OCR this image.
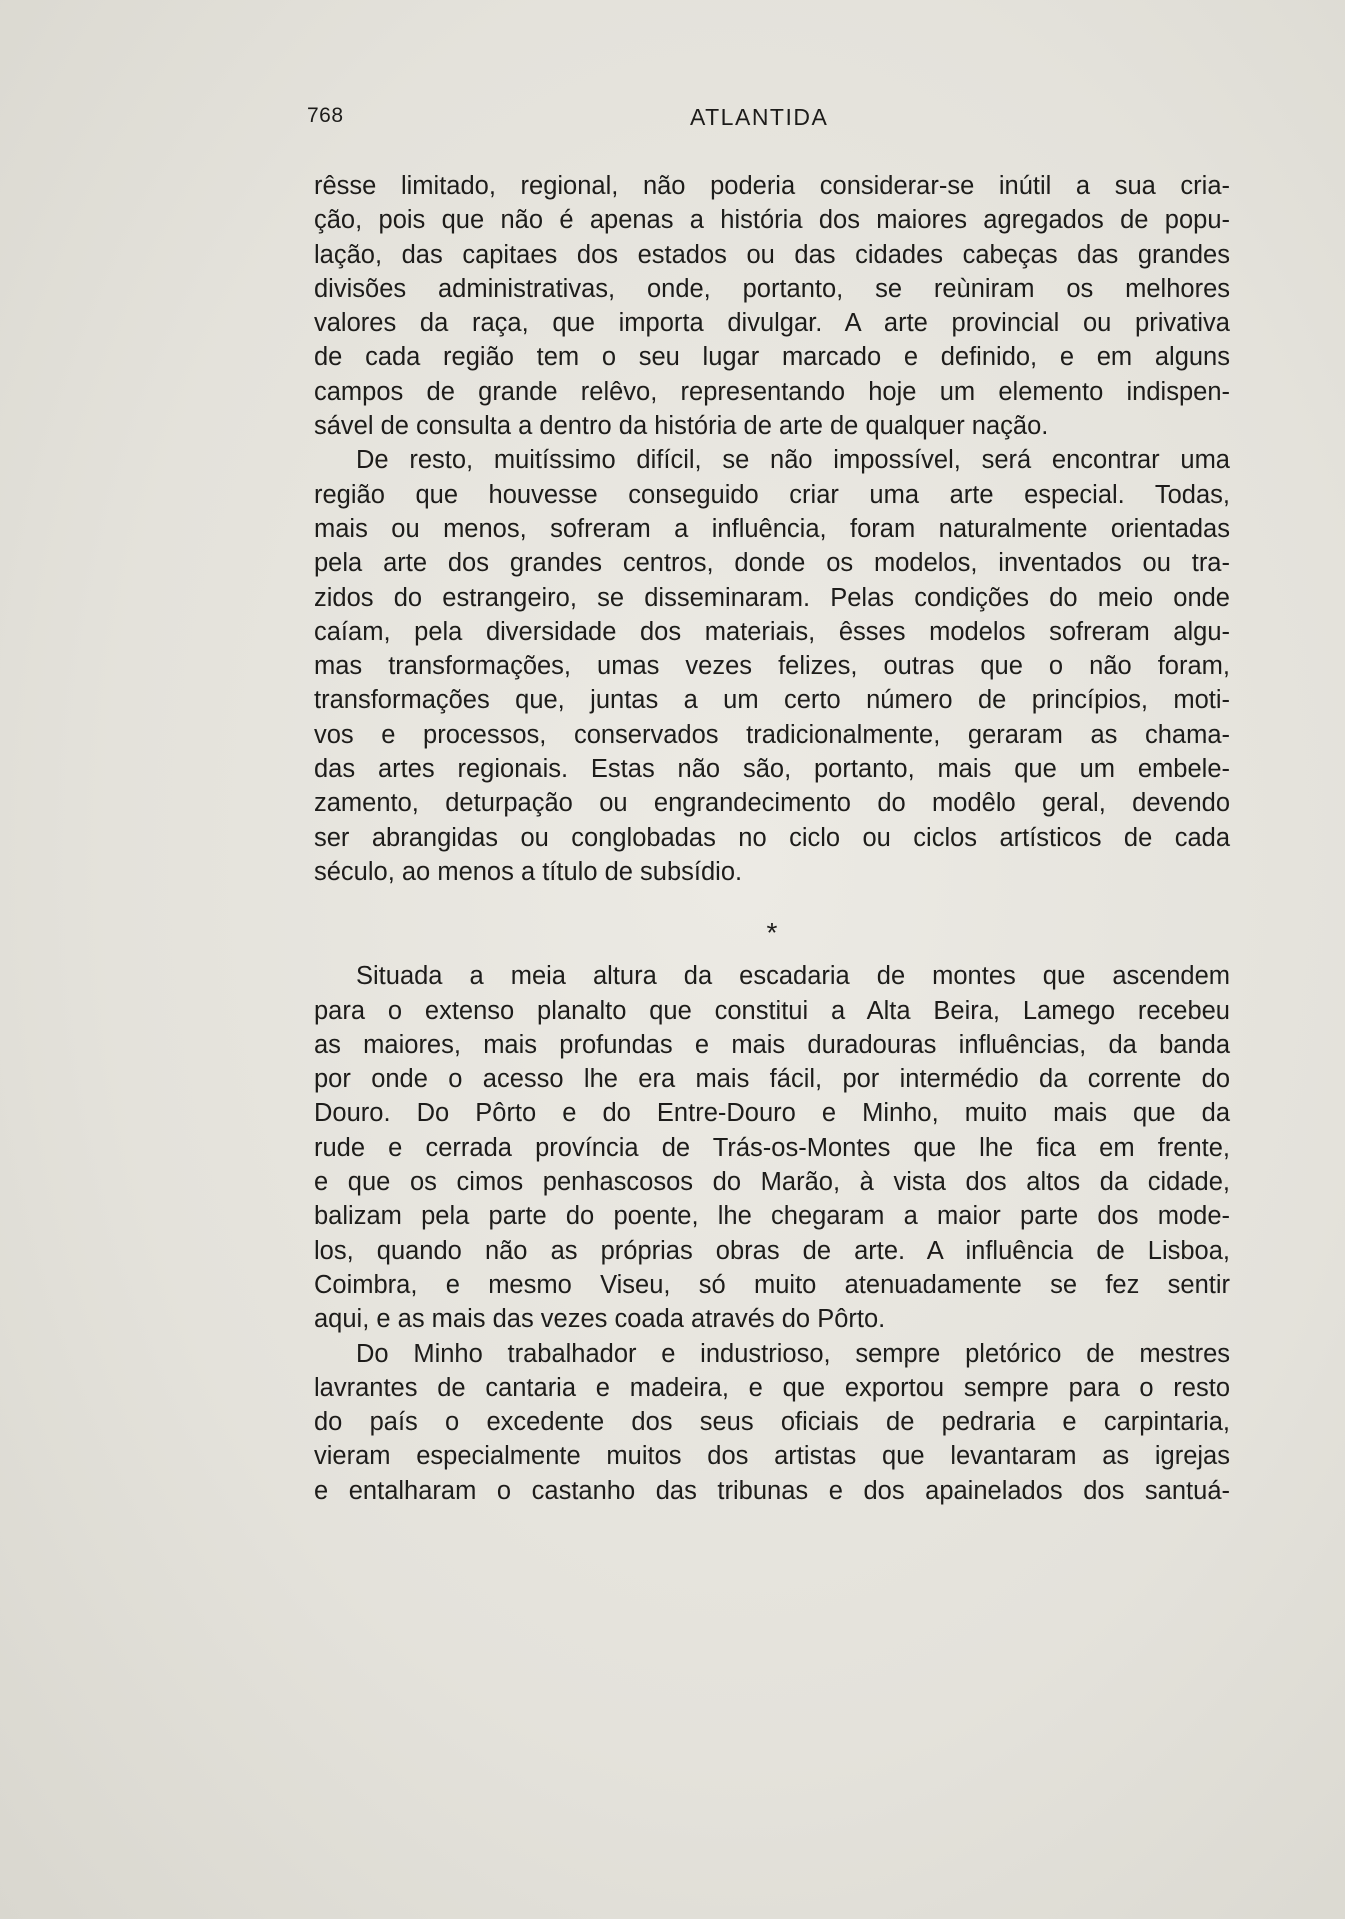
768	ATLANTIDA
rêsse limitado, regional, não poderia considerar-se inútil a sua cria-
ção, pois que não é apenas a história dos maiores agregados de popu-
lação, das capitaes dos estados ou das cidades cabeças das grandes
divisões administrativas, onde, portanto, se reùniram os melhores
valores da raça, que importa divulgar. A arte provincial ou privativa
de cada região tem o seu lugar marcado e definido, e em alguns
campos de grande relêvo, representando hoje um elemento indispen-
sável de consulta a dentro da história de arte de qualquer nação.
De resto, muitíssimo difícil, se não impossível, será encontrar uma
região que houvesse conseguido criar uma arte especial. Todas,
mais ou menos, sofreram a influência, foram naturalmente orientadas
pela arte dos grandes centros, donde os modelos, inventados ou tra-
zidos do estrangeiro, se disseminaram. Pelas condições do meio onde
caíam, pela diversidade dos materiais, êsses modelos sofreram algu-
mas transformações, umas vezes felizes, outras que o não foram,
transformações que, juntas a um certo número de princípios, moti-
vos e processos, conservados tradicionalmente, geraram as chama-
das artes regionais. Estas não são, portanto, mais que um embele-
zamento, deturpação ou engrandecimento do modêlo geral, devendo
ser abrangidas ou conglobadas no ciclo ou ciclos artísticos de cada
século, ao menos a título de subsídio.
*
Situada a meia altura da escadaria de montes que ascendem
para o extenso planalto que constitui a Alta Beira, Lamego recebeu
as maiores, mais profundas e mais duradouras influências, da banda
por onde o acesso lhe era mais fácil, por intermédio da corrente do
Douro. Do Pôrto e do Entre-Douro e Minho, muito mais que da
rude e cerrada província de Trás-os-Montes que lhe fica em frente,
e que os cimos penhascosos do Marão, à vista dos altos da cidade,
balizam pela parte do poente, lhe chegaram a maior parte dos mode-
los, quando não as próprias obras de arte. A influência de Lisboa,
Coimbra, e mesmo Viseu, só muito atenuadamente se fez sentir
aqui, e as mais das vezes coada através do Pôrto.
Do Minho trabalhador e industrioso, sempre pletórico de mestres
lavrantes de cantaria e madeira, e que exportou sempre para o resto
do país o excedente dos seus oficiais de pedraria e carpintaria,
vieram especialmente muitos dos artistas que levantaram as igrejas
e entalharam o castanho das tribunas e dos apainelados dos santuá-
